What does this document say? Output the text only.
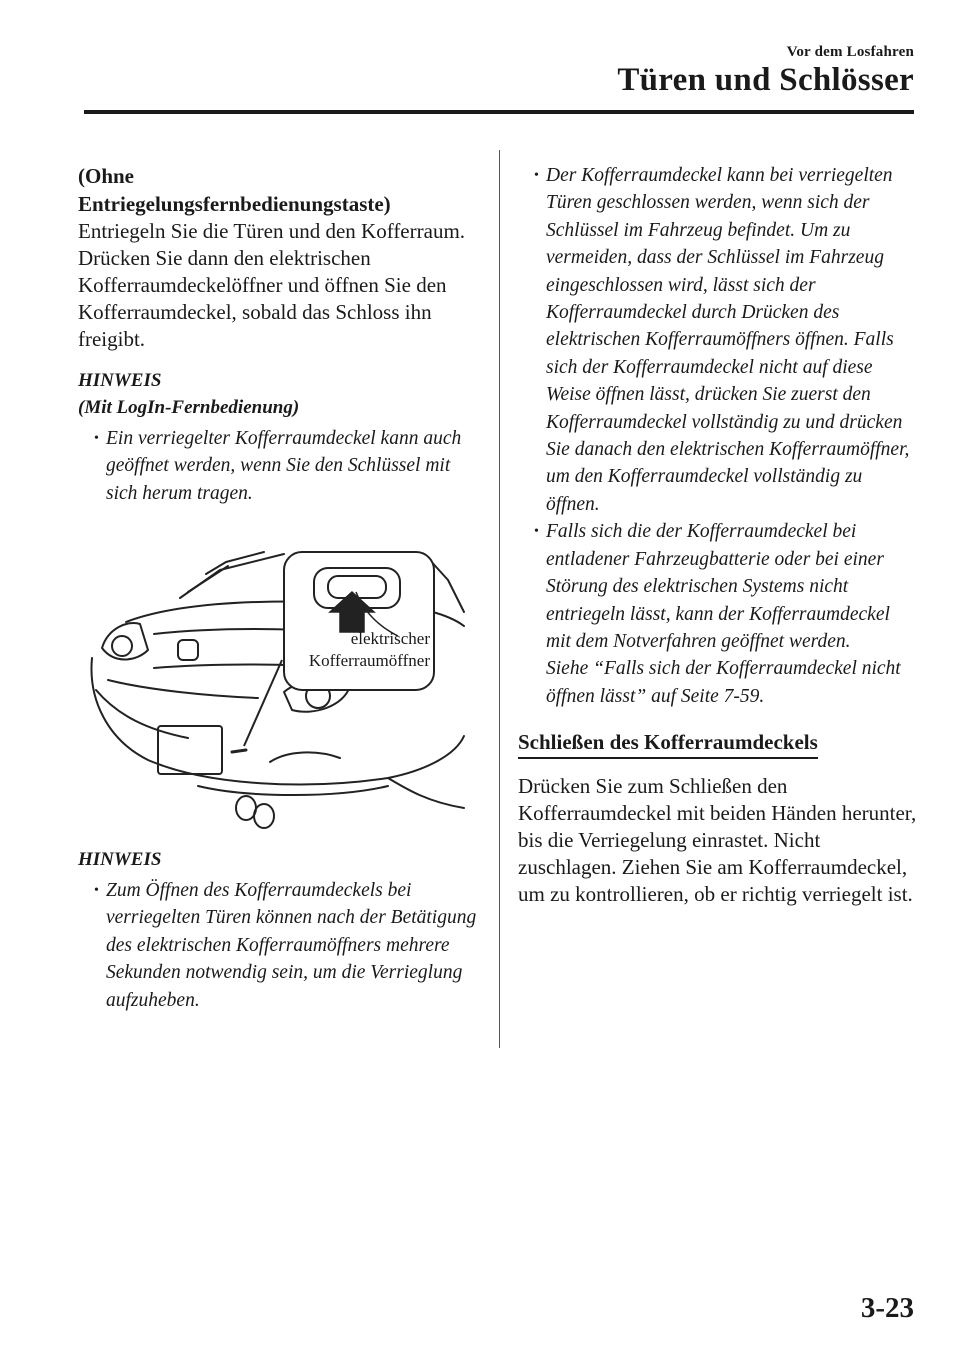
Vor dem Losfahren
Türen und Schlösser

(Ohne

Entriegelungsfernbedienungstaste)

Entriegeln Sie die Türen und den Kofferraum. Drücken Sie dann den elektrischen Kofferraumdeckelöffner und öffnen Sie den Kofferraumdeckel, sobald das Schloss ihn freigibt.

HINWEIS

(Mit LogIn-Fernbedienung)

• Ein verriegelter Kofferraumdeckel kann auch geöffnet werden, wenn Sie den Schlüssel mit sich herum tragen.
elektrischer
Kofferraumöffner

HINWEIS

• Zum Öffnen des Kofferraumdeckels bei verriegelten Türen können nach der Betätigung des elektrischen Kofferraumöffners mehrere Sekunden notwendig sein, um die Verrieglung aufzuheben.
• Der Kofferraumdeckel kann bei verriegelten Türen geschlossen werden, wenn sich der Schlüssel im Fahrzeug befindet. Um zu vermeiden, dass der Schlüssel im Fahrzeug eingeschlossen wird, lässt sich der Kofferraumdeckel durch Drücken des elektrischen Kofferraumöffners öffnen. Falls sich der Kofferraumdeckel nicht auf diese Weise öffnen lässt, drücken Sie zuerst den Kofferraumdeckel vollständig zu und drücken Sie danach den elektrischen Kofferraumöffner, um den Kofferraumdeckel vollständig zu öffnen.
• Falls sich die der Kofferraumdeckel bei entladener Fahrzeugbatterie oder bei einer Störung des elektrischen Systems nicht entriegeln lässt, kann der Kofferraumdeckel mit dem Notverfahren geöffnet werden.
Siehe “Falls sich der Kofferraumdeckel nicht öffnen lässt” auf Seite 7-59.

Schließen des Kofferraumdeckels

Drücken Sie zum Schließen den Kofferraumdeckel mit beiden Händen herunter, bis die Verriegelung einrastet. Nicht zuschlagen. Ziehen Sie am Kofferraumdeckel, um zu kontrollieren, ob er richtig verriegelt ist.

3-23
